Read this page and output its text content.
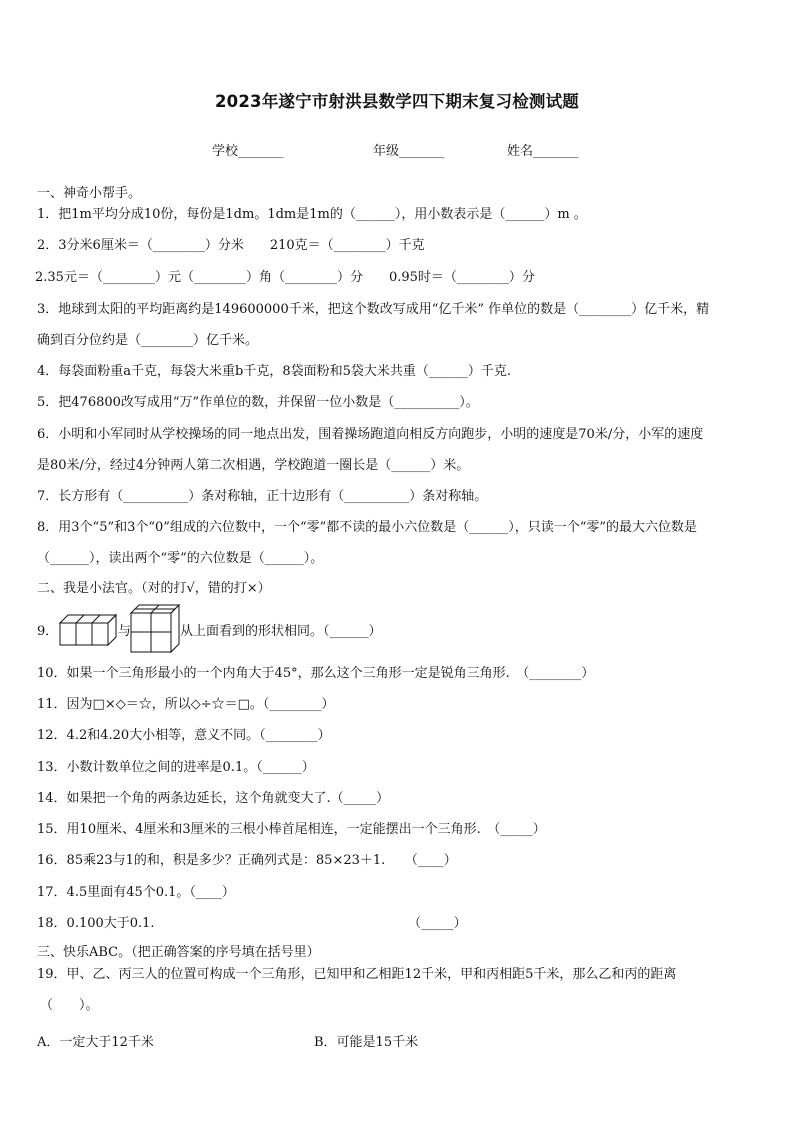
2023年遂宁市射洪县数学四下期末复习检测试题
学校_______	年级_______	姓名_______
一、神奇小帮手。
1．把1m平均分成10份，每份是1dm。1dm是1m的（______），用小数表示是（______）m 。
2．3分米6厘米＝（________）分米　　210克＝（________）千克
2.35元＝（________）元（________）角（________）分　　0.95时＝（________）分
3．地球到太阳的平均距离约是149600000千米，把这个数改写成用“亿千米” 作单位的数是（________）亿千米，精
确到百分位约是（________）亿千米。
4．每袋面粉重a千克，每袋大米重b千克，8袋面粉和5袋大米共重（______）千克.
5．把476800改写成用“万”作单位的数，并保留一位小数是（__________）。
6．小明和小军同时从学校操场的同一地点出发，围着操场跑道向相反方向跑步，小明的速度是70米/分，小军的速度
是80米/分，经过4分钟两人第二次相遇，学校跑道一圈长是（______）米。
7．长方形有（__________）条对称轴，正十边形有（__________）条对称轴。
8．用3个“5”和3个“0”组成的六位数中，一个“零”都不读的最小六位数是（______），只读一个“零”的最大六位数是
（______），读出两个“零”的六位数是（______）。
二、我是小法官。（对的打√，错的打×）
9．	与	从上面看到的形状相同。（______）
10．如果一个三角形最小的一个内角大于45°，那么这个三角形一定是锐角三角形.　（________）
11．因为□×◇＝☆，所以◇÷☆＝□。（________）
12．4.2和4.20大小相等，意义不同。（________）
13．小数计数单位之间的进率是0.1。（______）
14．如果把一个角的两条边延长，这个角就变大了.（_____）
15．用10厘米、4厘米和3厘米的三根小棒首尾相连，一定能摆出一个三角形.　（_____）
16．85乘23与1的和，积是多少？正确列式是：85×23＋1.　　（____）
17．4.5里面有45个0.1。（____）
18．0.100大于0.1.　　　　　　　　　　　　　　　　　　　　（_____）
三、快乐ABC。（把正确答案的序号填在括号里）
19．甲、乙、丙三人的位置可构成一个三角形，已知甲和乙相距12千米，甲和丙相距5千米，那么乙和丙的距离
（　　）。
A．一定大于12千米	B．可能是15千米
